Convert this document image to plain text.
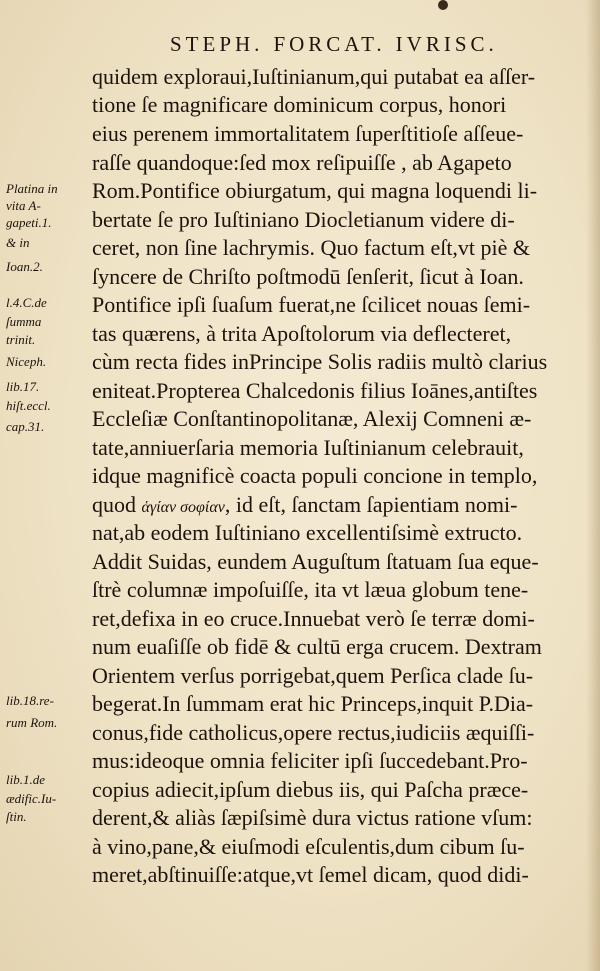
STEPH. FORCAT. IVRISC.
quidem exploraui,Iuſtinianum,qui putabat ea aſſer-
tione ſe magnificare dominicum corpus, honori
eius perenem immortalitatem ſuperſtitioſe aſſeue-
raſſe quandoque:ſed mox reſipuiſſe , ab Agapeto
Rom.Pontifice obiurgatum, qui magna loquendi li-
bertate ſe pro Iuſtiniano Diocletianum videre di-
ceret, non ſine lachrymis. Quo factum eſt,vt piè &
ſyncere de Chriſto poſtmodū ſenſerit, ſicut à Ioan.
Pontifice ipſi ſuaſum fuerat,ne ſcilicet nouas ſemi-
tas quærens, à trita Apoſtolorum via deflecteret,
cùm recta fides inPrincipe Solis radiis multò clarius
eniteat.Propterea Chalcedonis filius Ioānes,antiſtes
Eccleſiæ Conſtantinopolitanæ, Alexij Comneni æ-
tate,anniuerſaria memoria Iuſtinianum celebrauit,
idque magnificè coacta populi concione in templo,
quod ἁγίαν σοφίαν, id eſt, ſanctam ſapientiam nomi-
nat,ab eodem Iuſtiniano excellentiſsimè extructo.
Addit Suidas, eundem Auguſtum ſtatuam ſua eque-
ſtrè columnæ impoſuiſſe, ita vt læua globum tene-
ret,defixa in eo cruce.Innuebat verò ſe terræ domi-
num euaſiſſe ob fidē & cultū erga crucem. Dextram
Orientem verſus porrigebat,quem Perſica clade ſu-
begerat.In ſummam erat hic Princeps,inquit P.Dia-
conus,fide catholicus,opere rectus,iudiciis æquiſſi-
mus:ideoque omnia feliciter ipſi ſuccedebant.Pro-
copius adiecit,ipſum diebus iis, qui Paſcha præce-
derent,& aliàs ſæpiſsimè dura victus ratione vſum:
à vino,pane,& eiuſmodi eſculentis,dum cibum ſu-
meret,abſtinuiſſe:atque,vt ſemel dicam, quod didi-
Platina in
vita A-
gapeti.1.
& in
Ioan.2.
l.4.C.de
ſumma
trinit.
Niceph.
lib.17.
hiſt.eccl.
cap.31.
lib.18.re-
rum Rom.
lib.1.de
ædific.Iu-
ſtin.
